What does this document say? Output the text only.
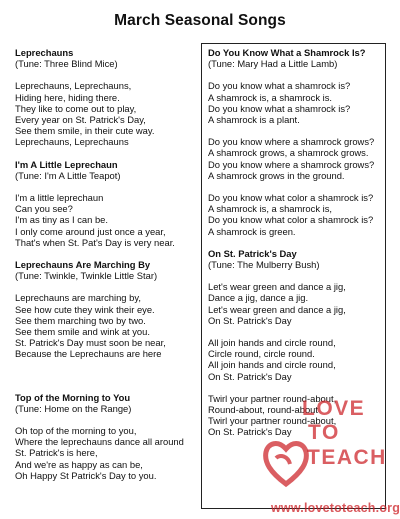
March Seasonal Songs
Leprechauns
(Tune: Three Blind Mice)
Leprechauns, Leprechauns,
Hiding here, hiding there.
They like to come out to play,
Every year on St. Patrick's Day,
See them smile, in their cute way.
Leprechauns, Leprechauns
I'm A Little Leprechaun
(Tune: I'm A Little Teapot)
I'm a little leprechaun
Can you see?
I'm as tiny as I can be.
I only come around just once a year,
That's when St. Pat's Day is very near.
Leprechauns Are Marching By
(Tune: Twinkle, Twinkle Little Star)
Leprechauns are marching by,
See how cute they wink their eye.
See them marching two by two.
See them smile and wink at you.
St. Patrick's Day must soon be near,
Because the Leprechauns are here
Top of the Morning to You
(Tune: Home on the Range)
Oh top of the morning to you,
Where the leprechauns dance all around
St. Patrick's is here,
And we're as happy as can be,
Oh Happy St Patrick's Day to you.
Do You Know What a Shamrock Is?
(Tune: Mary Had a Little Lamb)
Do you know what a shamrock is?
A shamrock is, a shamrock is.
Do you know what a shamrock is?
A shamrock is a plant.
Do you know where a shamrock grows?
A shamrock grows, a shamrock grows.
Do you know where a shamrock grows?
A shamrock grows in the ground.
Do you know what color a shamrock is?
A shamrock is, a shamrock is,
Do you know what color a shamrock is?
A shamrock is green.
On St. Patrick's Day
(Tune: The Mulberry Bush)
Let's wear green and dance a jig,
Dance a jig, dance a jig.
Let's wear green and dance a jig,
On St. Patrick's Day
All join hands and circle round,
Circle round, circle round.
All join hands and circle round,
On St. Patrick's Day
Twirl your partner round-about,
Round-about, round-about
Twirl your partner round-about,
On St. Patrick's Day
LOVE
TO
TEACH
www.lovetoteach.org
